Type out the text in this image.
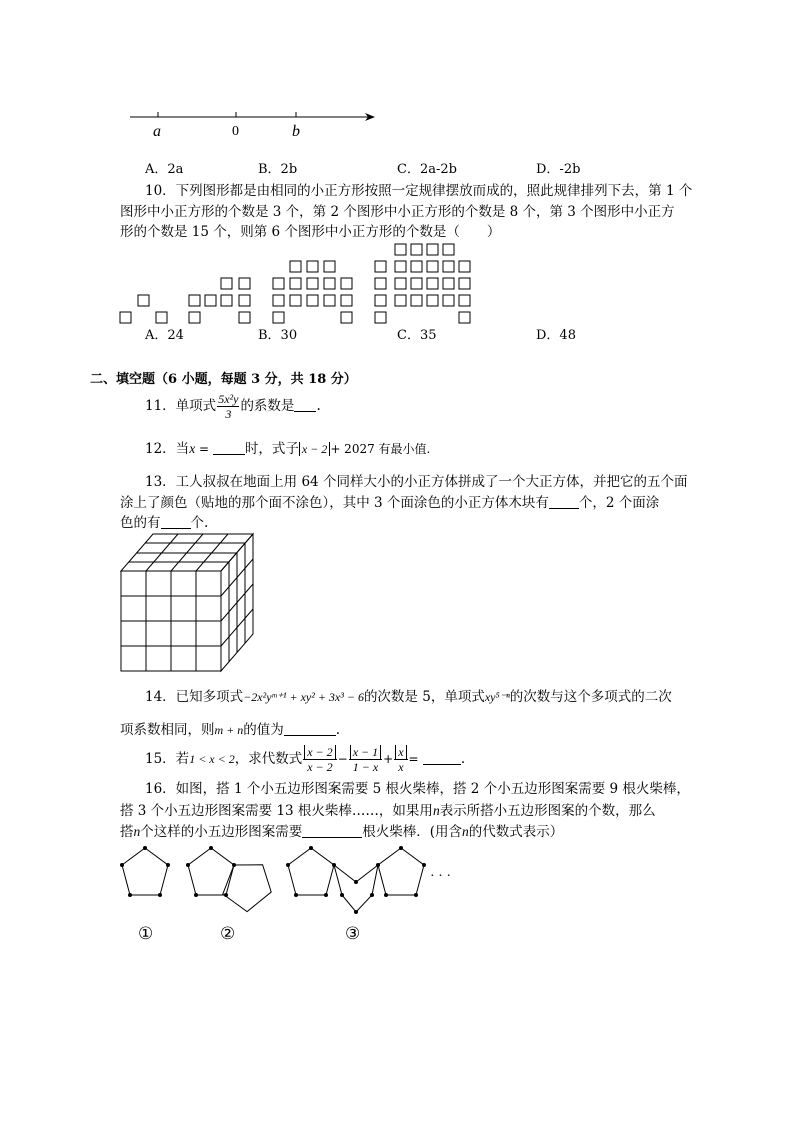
a	0	b
A．2a	B．2b	C．2a-2b	D．-2b
10．下列图形都是由相同的小正方形按照一定规律摆放而成的，照此规律排列下去，第 1 个
图形中小正方形的个数是 3 个，第 2 个图形中小正方形的个数是 8 个，第 3 个图形中小正方
形的个数是 15 个，则第 6 个图形中小正方形的个数是（　　）
A．24	B．30	C．35	D．48
二、填空题（6 小题，每题 3 分，共 18 分）
11．单项式 $\frac{\text{5x²y}}{3}$ 的系数是 .
12．当x = 时，式子 x − 2 + 2027 有最小值.
13．工人叔叔在地面上用 64 个同样大小的小正方体拼成了一个大正方体，并把它的五个面
涂上了颜色（贴地的那个面不涂色），其中 3 个面涂色的小正方体木块有 个，2 个面涂
色的有 个.
14．已知多项式−2x²yᵐ⁺¹ + xy² + 3x³ − 6的次数是 5，单项式xy⁵⁻ⁿ的次数与这个多项式的二次
项系数相同，则m + n的值为	.
15．若1 < x < 2，求代数式 $\frac{x - 2}{x - 2} - \frac{x - 1}{1 - x} + \frac{x}{x}$ =	.
16．如图，搭 1 个小五边形图案需要 5 根火柴棒，搭 2 个小五边形图案需要 9 根火柴棒，
搭 3 个小五边形图案需要 13 根火柴棒……，如果用n表示所搭小五边形图案的个数，那么
搭n个这样的小五边形图案需要	根火柴棒．(用含n的代数式表示）
· · ·
①	②	③
